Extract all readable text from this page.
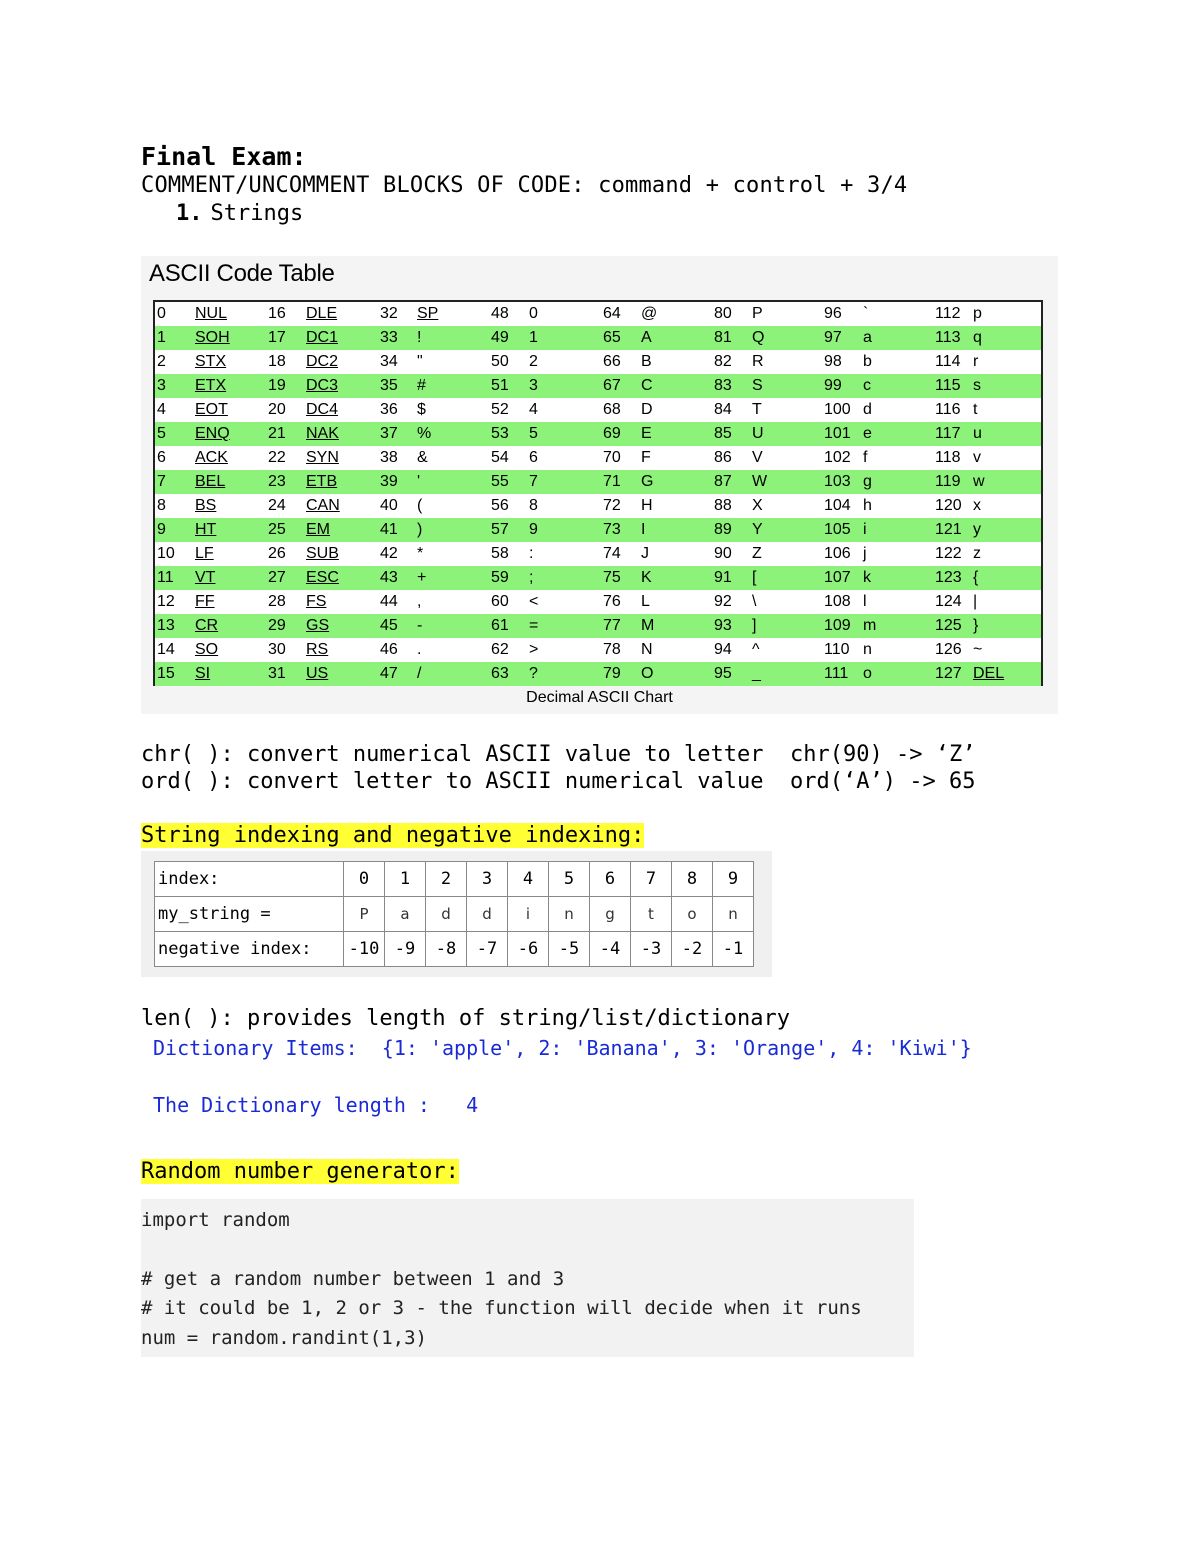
Final Exam:
COMMENT/UNCOMMENT BLOCKS OF CODE: command + control + 3/4
1. Strings
ASCII Code Table
0 NUL	16 DLE	32 SP	48 0	64 @	80 P	96 `	112 p
1 SOH 17 DC1	33 !	49 1	65 A	81 Q	97 a	113 q
2 STX	18 DC2	34 "	50 2	66 B	82 R	98 b	114 r
3 ETX	19 DC3	35 #	51 3	67 C	83 S	99 c	115 s
4 EOT	20 DC4	36 $	52 4	68 D	84 T	100 d	116 t
5 ENQ 21 NAK	37 %	53 5	69 E	85 U	101 e	117 u
6 ACK	22 SYN	38 &	54 6	70 F	86 V	102 f	118 v
7 BEL	23 ETB	39 '	55 7	71 G	87 W	103 g	119 w
8 BS	24 CAN	40 (	56 8	72 H	88 X	104 h	120 x
9 HT	25 EM	41 )	57 9	73 I	89 Y	105 i	121 y
10 LF	26 SUB	42 *	58 :	74 J	90 Z	106 j	122 z
11 VT	27 ESC	43 +	59 ;	75 K	91 [	107 k	123 {
12 FF	28 FS	44 ,	60 <	76 L	92 \	108 l	124 |
13 CR	29 GS	45 -	61 =	77 M	93 ]	109 m	125 }
14 SO	30 RS	46 .	62 >	78 N	94 ^	110 n	126 ~
15 SI	31 US	47 /	63 ?	79 O	95 _	111 o	127 DEL
Decimal ASCII Chart
chr( ): convert numerical ASCII value to letter  chr(90) -> ‘Z’
ord( ): convert letter to ASCII numerical value  ord(‘A’) -> 65
String indexing and negative indexing:
index:	0	1	2	3	4	5	6	7	8	9
my_string =	P	a	d	d	i	n	g	t	o	n
negative index:	-10	-9	-8	-7	-6	-5	-4	-3	-2	-1
len( ): provides length of string/list/dictionary
Dictionary Items:  {1: 'apple', 2: 'Banana', 3: 'Orange', 4: 'Kiwi'}
The Dictionary length :   4
Random number generator:
import random
# get a random number between 1 and 3
# it could be 1, 2 or 3 - the function will decide when it runs
num = random.randint(1,3)
